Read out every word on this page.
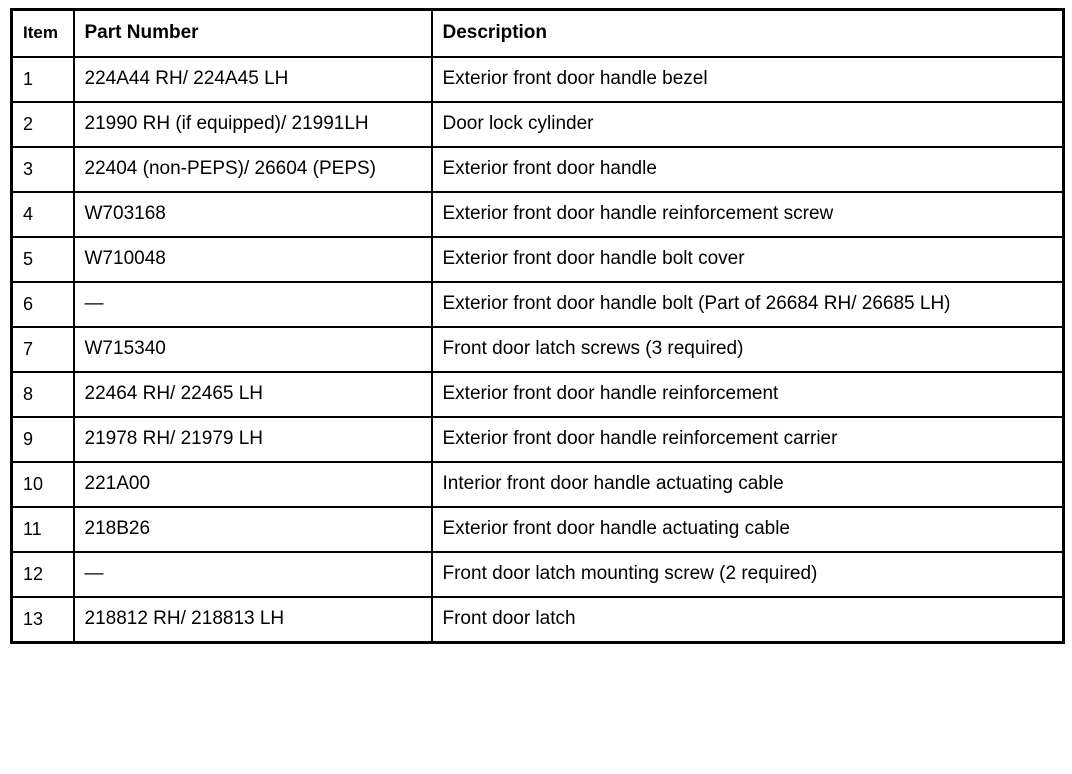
Item	Part Number	Description
1	224A44 RH/ 224A45 LH	Exterior front door handle bezel
2	21990 RH (if equipped)/ 21991LH	Door lock cylinder
3	22404 (non-PEPS)/ 26604 (PEPS)	Exterior front door handle
4	W703168	Exterior front door handle reinforcement screw
5	W710048	Exterior front door handle bolt cover
6	—	Exterior front door handle bolt (Part of 26684 RH/ 26685 LH)
7	W715340	Front door latch screws (3 required)
8	22464 RH/ 22465 LH	Exterior front door handle reinforcement
9	21978 RH/ 21979 LH	Exterior front door handle reinforcement carrier
10	221A00	Interior front door handle actuating cable
11	218B26	Exterior front door handle actuating cable
12	—	Front door latch mounting screw (2 required)
13	218812 RH/ 218813 LH	Front door latch
